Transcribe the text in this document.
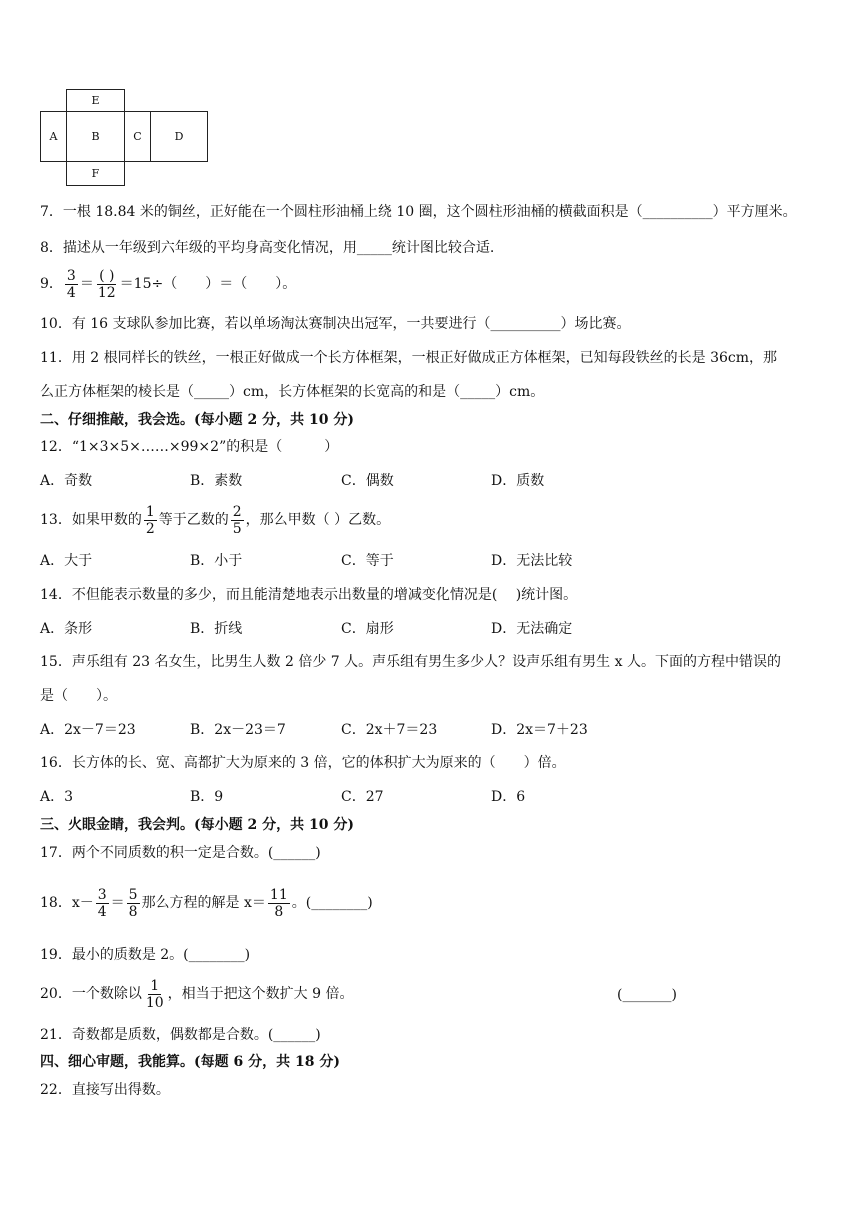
E
A	B	C	D
F
7．一根 18.84 米的铜丝，正好能在一个圆柱形油桶上绕 10 圈，这个圆柱形油桶的横截面积是（__________）平方厘米。
8．描述从一年级到六年级的平均身高变化情况，用_____统计图比较合适.
9． $\frac{3}{4} = \frac{( )}{12} =15\div$（　　）＝（　　）。
10．有 16 支球队参加比赛，若以单场淘汰赛制决出冠军，一共要进行（__________）场比赛。
11．用 2 根同样长的铁丝，一根正好做成一个长方体框架，一根正好做成正方体框架，已知每段铁丝的长是 36cm，那
么正方体框架的棱长是（_____）cm，长方体框架的长宽高的和是（_____）cm。
二、仔细推敲，我会选。(每小题 2 分，共 10 分)
12．“1×3×5×……×99×2”的积是（　　　）
A．奇数	B．素数	C．偶数	D．质数
13．如果甲数的 $\frac{1}{2}$ 等于乙数的 $\frac{2}{5}$ ，那么甲数（ ）乙数。
A．大于	B．小于	C．等于	D．无法比较
14．不但能表示数量的多少，而且能清楚地表示出数量的增减变化情况是(　 )统计图。
A．条形	B．折线	C．扇形	D．无法确定
15．声乐组有 23 名女生，比男生人数 2 倍少 7 人。声乐组有男生多少人？设声乐组有男生 x 人。下面的方程中错误的
是（　　）。
A．2x－7＝23	B．2x－23＝7	C．2x＋7＝23	D．2x＝7＋23
16．长方体的长、宽、高都扩大为原来的 3 倍，它的体积扩大为原来的（　　）倍。
A．3	B．9	C．27	D．6
三、火眼金睛，我会判。(每小题 2 分，共 10 分)
17．两个不同质数的积一定是合数。(______)
18．$x- \frac{3}{4} = \frac{5}{8}$ 那么方程的解是 $x= \frac{11}{8}$ 。(________)
19．最小的质数是 2。(________)
20．一个数除以 $\frac{1}{10}$ ，相当于把这个数扩大 9 倍。	(_______)
21．奇数都是质数，偶数都是合数。(______)
四、细心审题，我能算。(每题 6 分，共 18 分)
22．直接写出得数。
